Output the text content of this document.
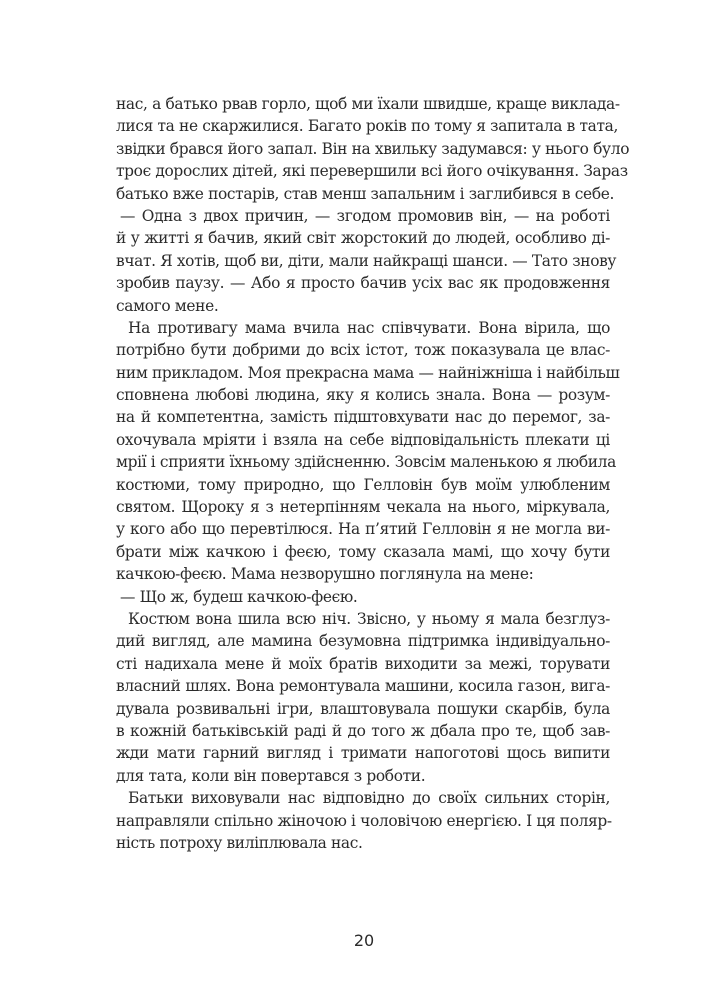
нас, а батько рвав горло, щоб ми їхали швидше, краще виклада-
лися та не скаржилися. Багато років по тому я запитала в тата,
звідки брався його запал. Він на хвильку задумався: у нього було
троє дорослих дітей, які перевершили всі його очікування. Зараз
батько вже постарів, став менш запальним і заглибився в себе.
— Одна з двох причин, — згодом промовив він, — на роботі
й у житті я бачив, який світ жорстокий до людей, особливо ді-
вчат. Я хотів, щоб ви, діти, мали найкращі шанси. — Тато знову
зробив паузу. — Або я просто бачив усіх вас як продовження
самого мене.
На противагу мама вчила нас співчувати. Вона вірила, що
потрібно бути добрими до всіх істот, тож показувала це влас-
ним прикладом. Моя прекрасна мама — найніжніша і найбільш
сповнена любові людина, яку я колись знала. Вона — розум-
на й компетентна, замість підштовхувати нас до перемог, за-
охочувала мріяти і взяла на себе відповідальність плекати ці
мрії і сприяти їхньому здійсненню. Зовсім маленькою я любила
костюми, тому природно, що Гелловін був моїм улюбленим
святом. Щороку я з нетерпінням чекала на нього, міркувала,
у кого або що перевтілюся. На п’ятий Гелловін я не могла ви-
брати між качкою і феєю, тому сказала мамі, що хочу бути
качкою-феєю. Мама незворушно поглянула на мене:
— Що ж, будеш качкою-феєю.
Костюм вона шила всю ніч. Звісно, у ньому я мала безглуз-
дий вигляд, але мамина безумовна підтримка індивідуально-
сті надихала мене й моїх братів виходити за межі, торувати
власний шлях. Вона ремонтувала машини, косила газон, вига-
дувала розвивальні ігри, влаштовувала пошуки скарбів, була
в кожній батьківській раді й до того ж дбала про те, щоб зав-
жди мати гарний вигляд і тримати напоготові щось випити
для тата, коли він повертався з роботи.
Батьки виховували нас відповідно до своїх сильних сторін,
направляли спільно жіночою і чоловічою енергією. І ця поляр-
ність потроху виліплювала нас.
20
